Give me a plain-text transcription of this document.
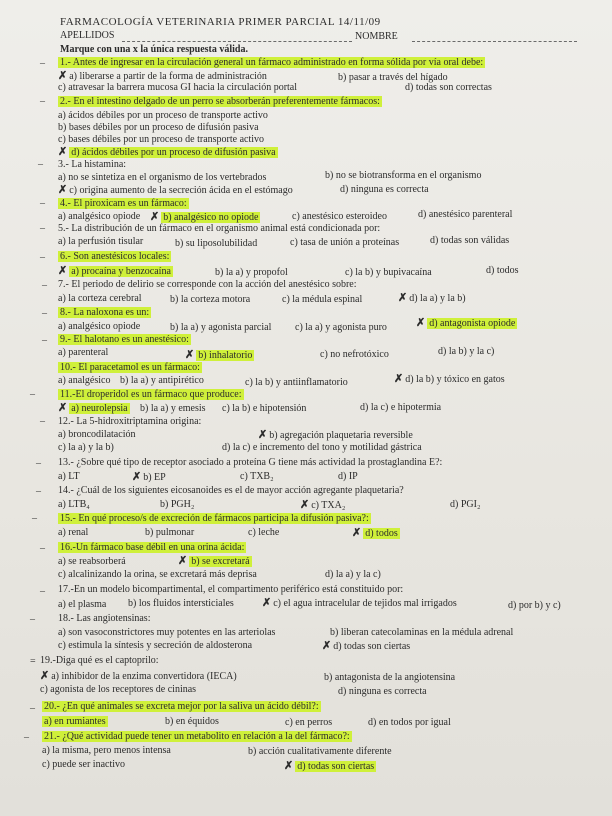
FARMACOLOGÍA VETERINARIA PRIMER PARCIAL 14/11/09
APELLIDOS	NOMBRE
Marque con una x la única respuesta válida.
– 1.- Antes de ingresar en la circulación general un fármaco administrado en forma sólida por vía oral debe:
✗ a) liberarse a partir de la forma de administración	b) pasar a través del hígado
c) atravesar la barrera mucosa GI hacia la circulación portal	d) todas son correctas
– 2.- En el intestino delgado de un perro se absorberán preferentemente fármacos:
a) ácidos débiles por un proceso de transporte activo
b) bases débiles por un proceso de difusión pasiva
c) bases débiles por un proceso de transporte activo
✗ d) ácidos débiles por un proceso de difusión pasiva
– 3.- La histamina:
a) no se sintetiza en el organismo de los vertebrados	b) no se biotransforma en el organismo
✗ c) origina aumento de la secreción ácida en el estómago	d) ninguna es correcta
– 4.- El piroxicam es un fármaco:
a) analgésico opiode ✗ b) analgésico no opiode	c) anestésico esteroideo	d) anestésico parenteral
– 5.- La distribución de un fármaco en el organismo animal está condicionada por:
a) la perfusión tisular	b) su liposolubilidad	c) tasa de unión a proteínas	d) todas son válidas
– 6.- Son anestésicos locales:
✗ a) procaína y benzocaína	b) la a) y propofol	c) la b) y bupivacaína	d) todos
– 7.- El periodo de delirio se corresponde con la acción del anestésico sobre:
a) la corteza cerebral	b) la corteza motora	c) la médula espinal	✗ d) la a) y la b)
– 8.- La naloxona es un:
a) analgésico opiode	b) la a) y agonista parcial c) la a) y agonista puro	✗ d) antagonista opiode
– 9.- El halotano es un anestésico:
a) parenteral	✗ b) inhalatorio	c) no nefrotóxico	d) la b) y la c)
10.- El paracetamol es un fármaco:
a) analgésico b) la a) y antipirético	c) la b) y antiinflamatorio	✗ d) la b) y tóxico en gatos
–	11.-El droperidol es un fármaco que produce:
✗ a) neurolepsia b) la a) y emesis c) la b) e hipotensión	d) la c) e hipotermia
– 12.- La 5-hidroxitriptamina origina:
a) broncodilatación	✗ b) agregación plaquetaria reversible
c) la a) y la b)	d) la c) e incremento del tono y motilidad gástrica
– 13.- ¿Sobre qué tipo de receptor asociado a proteína G tiene más actividad la prostaglandina E?:
a) LT	✗ b) EP	c) TXB₂	d) IP
– 14.- ¿Cuál de los siguientes eicosanoides es el de mayor acción agregante plaquetaria?
a) LTB₄	b) PGH₂	✗ c) TXA₂	d) PGI₂
– 15.- En qué proceso/s de excreción de fármacos participa la difusión pasiva?:
a) renal	b) pulmonar	c) leche	✗ d) todos
– 16.-Un fármaco base débil en una orina ácida:
a) se reabsorberá	✗ b) se excretará
c) alcalinizando la orina, se excretará más deprisa	d) la a) y la c)
– 17.-En un modelo bicompartimental, el compartimento periférico está constituido por:
a) el plasma b) los fluidos intersticiales	✗ c) el agua intracelular de tejidos mal irrigados	d) por b) y c)
– 18.- Las angiotensinas:
a) son vasoconstrictores muy potentes en las arteriolas	b) liberan catecolaminas en la médula adrenal
c) estimula la síntesis y secreción de aldosterona	✗ d) todas son ciertas
= 19.-Diga qué es el captoprilo:
✗ a) inhibidor de la enzima convertidora (IECA)	b) antagonista de la angiotensina
c) agonista de los receptores de cininas	d) ninguna es correcta
– 20.- ¿En qué animales se excreta mejor por la saliva un ácido débil?:
a) en rumiantes	b) en équidos	c) en perros	d) en todos por igual
– 21.- ¿Qué actividad puede tener un metabolito en relación a la del fármaco?:
a) la misma, pero menos intensa	b) acción cualitativamente diferente
c) puede ser inactivo	✗ d) todas son ciertas
